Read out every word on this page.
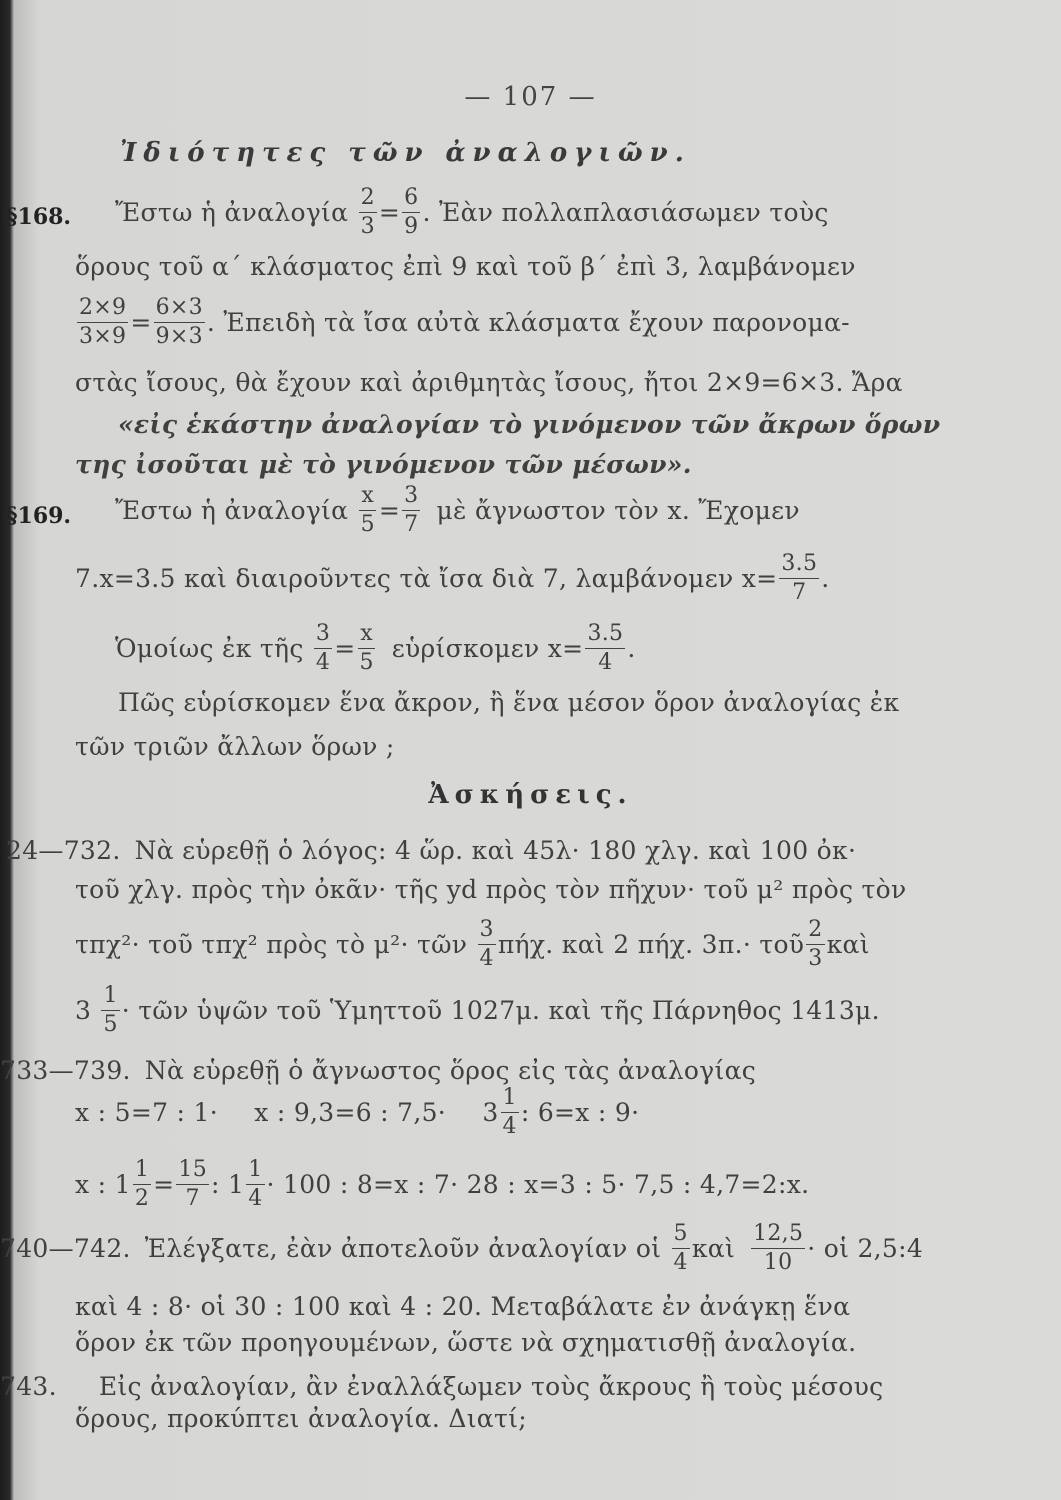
— 107 —
Ἰδιότητες τῶν ἀναλογιῶν.
§168. Ἔστω ἡ ἀναλογία $\frac{2}{3} = \frac{6}{9}$ . Ἐὰν πολλαπλασιάσωμεν τοὺς
ὅρους τοῦ α΄ κλάσματος ἐπὶ 9 καὶ τοῦ β΄ ἐπὶ 3, λαμβάνομεν
$\frac{2\times 9}{3\times 9} = \frac{6\times 3}{9\times 3}$ . Ἐπειδὴ τὰ ἴσα αὐτὰ κλάσματα ἔχουν παρονομα-
στὰς ἴσους, θὰ ἔχουν καὶ ἀριθμητὰς ἴσους, ἤτοι 2×9=6×3. Ἄρα
«εἰς ἑκάστην ἀναλογίαν τὸ γινόμενον τῶν ἄκρων ὅρων
της ἰσοῦται μὲ τὸ γινόμενον τῶν μέσων».
§169. Ἔστω ἡ ἀναλογία $\frac{x}{5} = \frac{3}{7}$ μὲ ἄγνωστον τὸν x. Ἔχομεν
7.x=3.5 καὶ διαιροῦντες τὰ ἴσα διὰ 7, λαμβάνομεν $x= \frac{3.5}{7}$ .
Ὁμοίως ἐκ τῆς $\frac{3}{4} = \frac{x}{5}$ εὑρίσκομεν $x= \frac{3.5}{4}$ .
Πῶς εὑρίσκομεν ἕνα ἄκρον, ἢ ἕνα μέσον ὅρον ἀναλογίας ἐκ
τῶν τριῶν ἄλλων ὅρων ;
Ἀσκήσεις.
24—732. Νὰ εὑρεθῇ ὁ λόγος: 4 ὥρ. καὶ 45λ· 180 χλγ. καὶ 100 ὀκ·
τοῦ χλγ. πρὸς τὴν ὀκᾶν· τῆς yd πρὸς τὸν πῆχυν· τοῦ μ² πρὸς τὸν
τπχ²· τοῦ τπχ² πρὸς τὸ μ²· τῶν $\frac{3}{4} \pi ή\chi$. καὶ 2 πήχ. 3π.· τοῦ $\frac{2}{3}$ καὶ
$3 \frac{1}{5}$ · τῶν ὑψῶν τοῦ Ὑμηττοῦ 1027μ. καὶ τῆς Πάρνηθος 1413μ.
733—739. Νὰ εὑρεθῇ ὁ ἄγνωστος ὅρος εἰς τὰς ἀναλογίας
x : 5=7 : 1· x : 9,3=6 : $7,5\cdot 3 \frac{1}{4}$ : 6=x : 9·
x : $1 \frac{1}{2} = \frac{15}{7}$ : $1 \frac{1}{4} \cdot 100$ : 8=x : 7· 28 : x=3 : 5· 7,5 : 4,7=2:x.
740—742. Ἐλέγξατε, ἐὰν ἀποτελοῦν ἀναλογίαν οἱ $\frac{5}{4}$ καὶ $\frac{12,5}{10}$ · οἱ 2,5:4
καὶ 4 : 8· οἱ 30 : 100 καὶ 4 : 20. Μεταβάλατε ἐν ἀνάγκῃ ἕνα
ὅρον ἐκ τῶν προηγουμένων, ὥστε νὰ σχηματισθῇ ἀναλογία.
743. Εἰς ἀναλογίαν, ἂν ἐναλλάξωμεν τοὺς ἄκρους ἢ τοὺς μέσους
ὅρους, προκύπτει ἀναλογία. Διατί;
